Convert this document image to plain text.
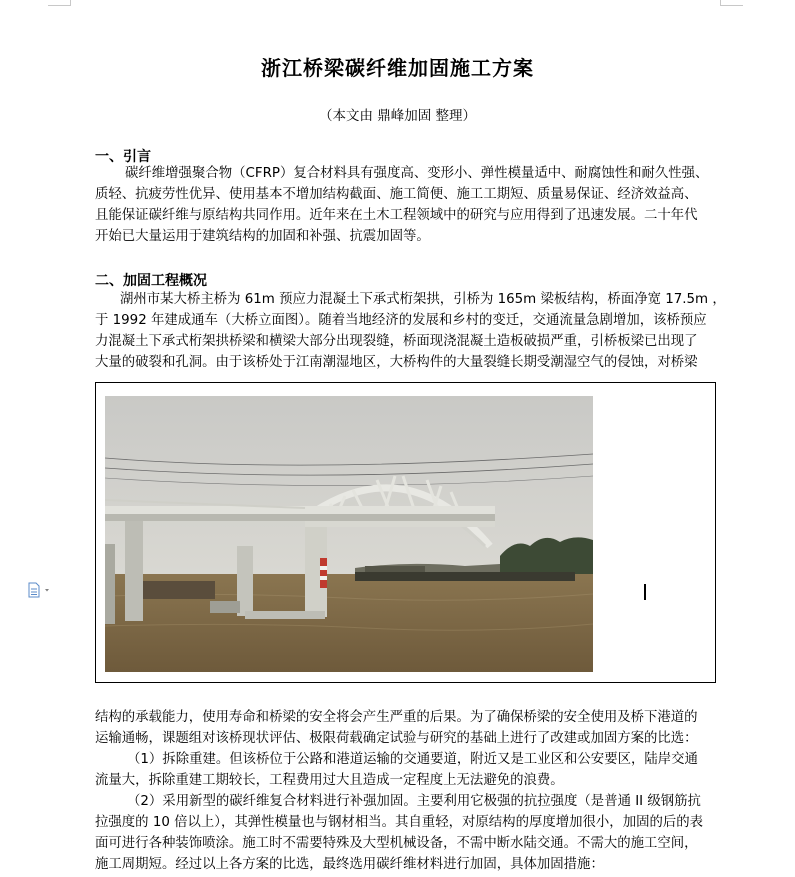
浙江桥梁碳纤维加固施工方案
（本文由 鼎峰加固 整理）
一、引言
碳纤维增强聚合物（CFRP）复合材料具有强度高、变形小、弹性模量适中、耐腐蚀性和耐久性强、
质轻、抗疲劳性优异、使用基本不增加结构截面、施工简便、施工工期短、质量易保证、经济效益高、
且能保证碳纤维与原结构共同作用。近年来在土木工程领域中的研究与应用得到了迅速发展。二十年代
开始已大量运用于建筑结构的加固和补强、抗震加固等。
二、加固工程概况
湖州市某大桥主桥为 61m 预应力混凝土下承式桁架拱，引桥为 165m 梁板结构，桥面净宽 17.5m ，
于 1992 年建成通车（大桥立面图）。随着当地经济的发展和乡村的变迁，交通流量急剧增加，该桥预应
力混凝土下承式桁架拱桥梁和横梁大部分出现裂缝，桥面现浇混凝土造板破损严重，引桥板梁已出现了
大量的破裂和孔洞。由于该桥处于江南潮湿地区，大桥构件的大量裂缝长期受潮湿空气的侵蚀，对桥梁
结构的承载能力，使用寿命和桥梁的安全将会产生严重的后果。为了确保桥梁的安全使用及桥下港道的
运输通畅，课题组对该桥现状评估、极限荷载确定试验与研究的基础上进行了改建或加固方案的比选：
（1）拆除重建。但该桥位于公路和港道运输的交通要道，附近又是工业区和公安要区，陆岸交通
流量大，拆除重建工期较长，工程费用过大且造成一定程度上无法避免的浪费。
（2）采用新型的碳纤维复合材料进行补强加固。主要利用它极强的抗拉强度（是普通 II 级钢筋抗
拉强度的 10 倍以上），其弹性模量也与钢材相当。其自重轻，对原结构的厚度增加很小，加固的后的表
面可进行各种装饰喷涂。施工时不需要特殊及大型机械设备，不需中断水陆交通。不需大的施工空间，
施工周期短。经过以上各方案的比选，最终选用碳纤维材料进行加固，具体加固措施：
